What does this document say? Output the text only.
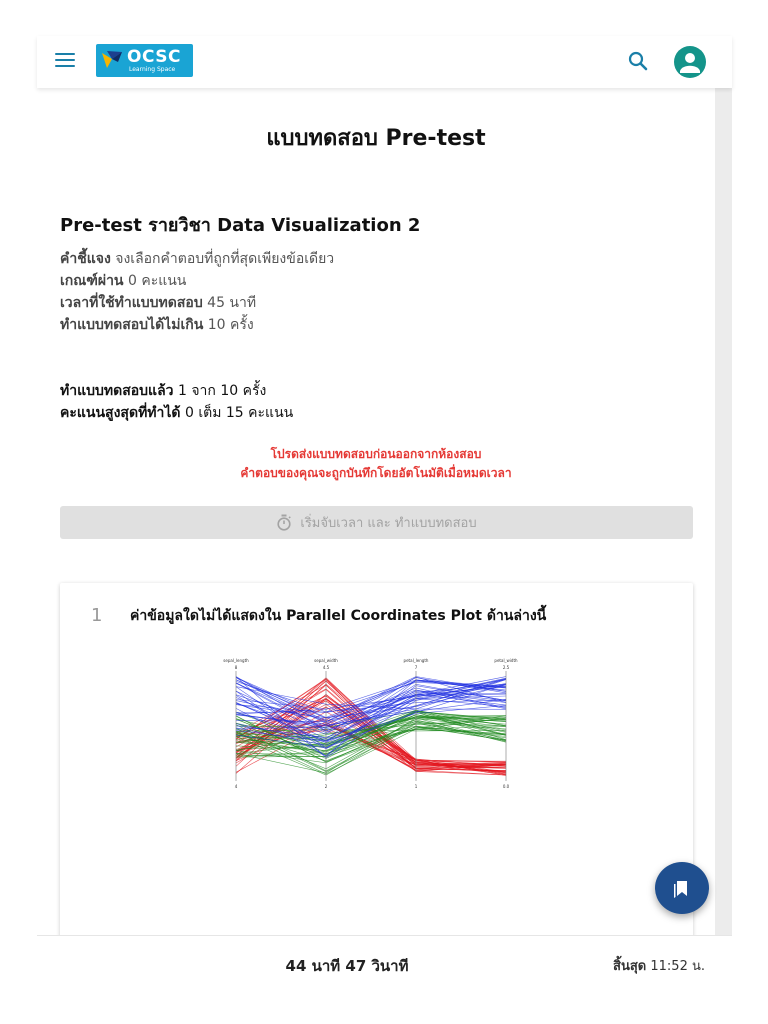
OCSC
Learning Space
แบบทดสอบ Pre-test
Pre-test รายวิชา Data Visualization 2
คำชี้แจง จงเลือกคำตอบที่ถูกที่สุดเพียงข้อเดียว
เกณฑ์ผ่าน 0 คะแนน
เวลาที่ใช้ทำแบบทดสอบ 45 นาที
ทำแบบทดสอบได้ไม่เกิน 10 ครั้ง
ทำแบบทดสอบแล้ว 1 จาก 10 ครั้ง
คะแนนสูงสุดที่ทำได้ 0 เต็ม 15 คะแนน
โปรดส่งแบบทดสอบก่อนออกจากห้องสอบ
คำตอบของคุณจะถูกบันทึกโดยอัตโนมัติเมื่อหมดเวลา
เริ่มจับเวลา และ ทำแบบทดสอบ
1 ค่าข้อมูลใดไม่ได้แสดงใน Parallel Coordinates Plot ด้านล่างนี้
sepal_length
8
4
sepal_width
4.5
2
petal_length
7
1
petal_width
2.5
0.0
44 นาที 47 วินาที	สิ้นสุด 11:52 น.
